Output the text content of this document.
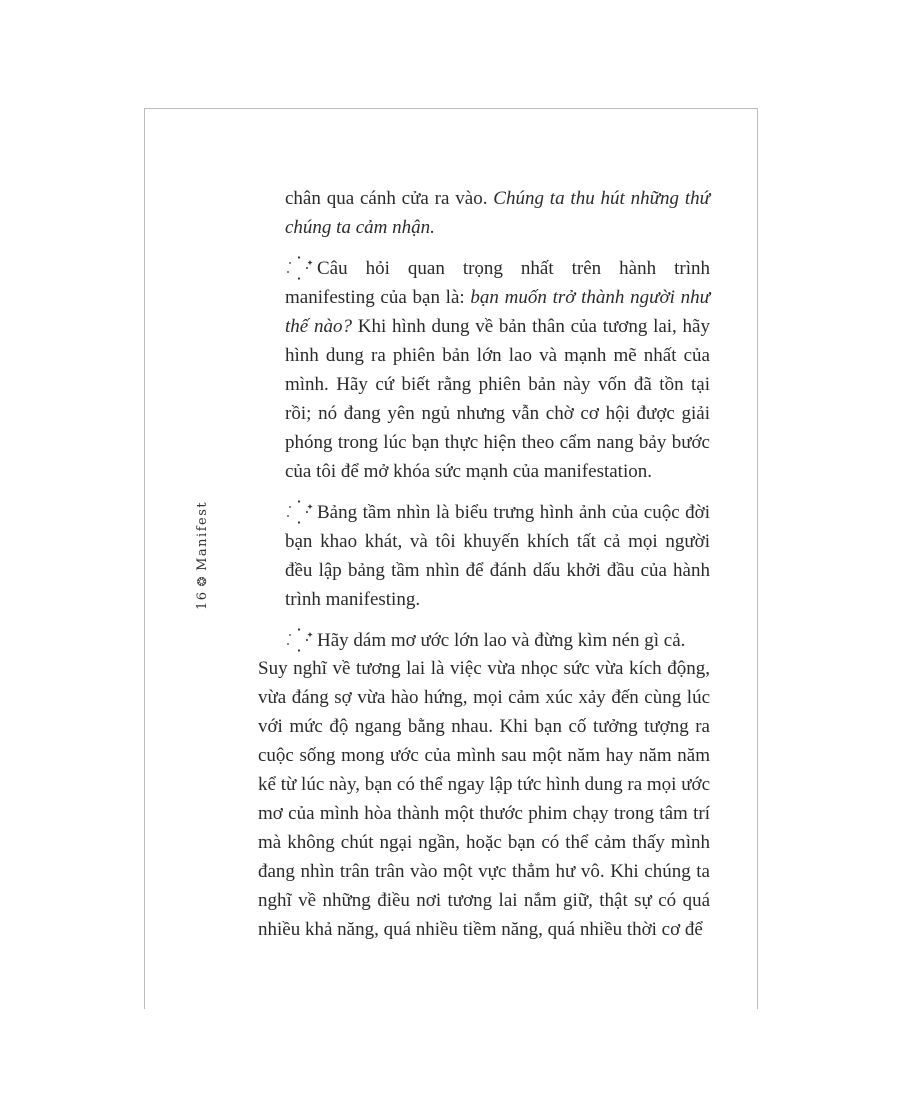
16
❂
Manifest

chân qua cánh cửa ra vào. Chúng ta thu hút những thứ chúng ta cảm nhận.

Câu hỏi quan trọng nhất trên hành trình manifesting của bạn là: bạn muốn trở thành người như thế nào? Khi hình dung về bản thân của tương lai, hãy hình dung ra phiên bản lớn lao và mạnh mẽ nhất của mình. Hãy cứ biết rằng phiên bản này vốn đã tồn tại rồi; nó đang yên ngủ nhưng vẫn chờ cơ hội được giải phóng trong lúc bạn thực hiện theo cẩm nang bảy bước của tôi để mở khóa sức mạnh của manifestation.

Bảng tầm nhìn là biểu trưng hình ảnh của cuộc đời bạn khao khát, và tôi khuyến khích tất cả mọi người đều lập bảng tầm nhìn để đánh dấu khởi đầu của hành trình manifesting.

Hãy dám mơ ước lớn lao và đừng kìm nén gì cả.

Suy nghĩ về tương lai là việc vừa nhọc sức vừa kích động, vừa đáng sợ vừa hào hứng, mọi cảm xúc xảy đến cùng lúc với mức độ ngang bằng nhau. Khi bạn cố tưởng tượng ra cuộc sống mong ước của mình sau một năm hay năm năm kể từ lúc này, bạn có thể ngay lập tức hình dung ra mọi ước mơ của mình hòa thành một thước phim chạy trong tâm trí mà không chút ngại ngần, hoặc bạn có thể cảm thấy mình đang nhìn trân trân vào một vực thẳm hư vô. Khi chúng ta nghĩ về những điều nơi tương lai nắm giữ, thật sự có quá nhiều khả năng, quá nhiều tiềm năng, quá nhiều thời cơ để
